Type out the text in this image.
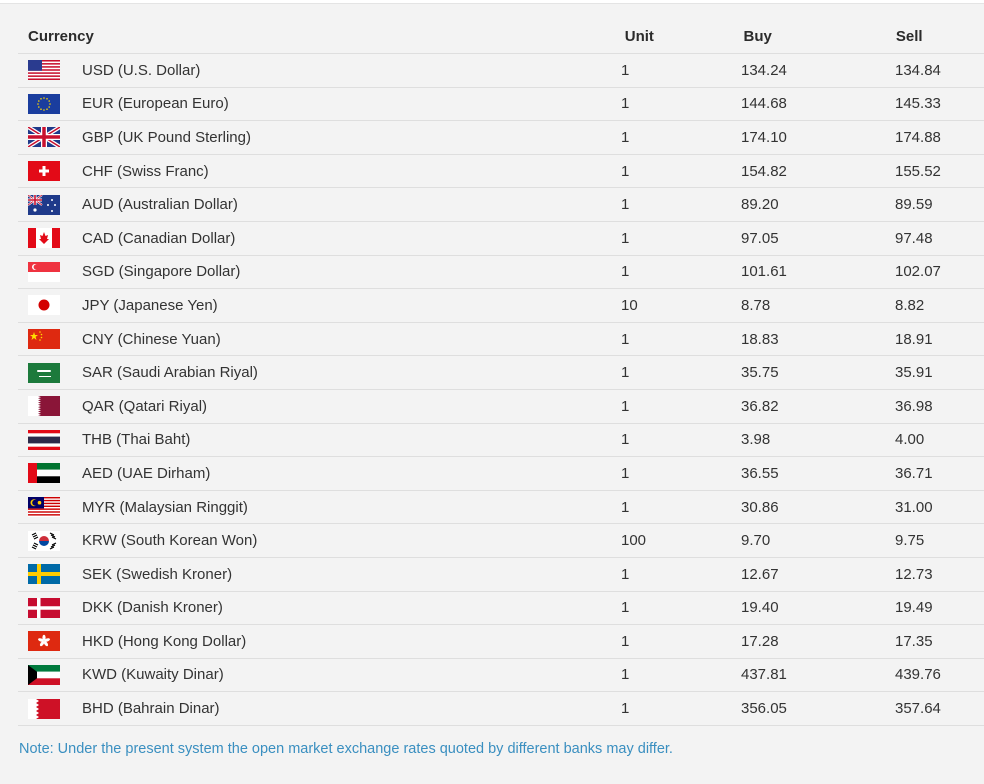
Currency	Unit	Buy	Sell
USD (U.S. Dollar)	1	134.24	134.84
EUR (European Euro)	1	144.68	145.33
GBP (UK Pound Sterling)	1	174.10	174.88
CHF (Swiss Franc)	1	154.82	155.52
AUD (Australian Dollar)	1	89.20	89.59
CAD (Canadian Dollar)	1	97.05	97.48
SGD (Singapore Dollar)	1	101.61	102.07
JPY (Japanese Yen)	10	8.78	8.82
CNY (Chinese Yuan)	1	18.83	18.91
SAR (Saudi Arabian Riyal)	1	35.75	35.91
QAR (Qatari Riyal)	1	36.82	36.98
THB (Thai Baht)	1	3.98	4.00
AED (UAE Dirham)	1	36.55	36.71
MYR (Malaysian Ringgit)	1	30.86	31.00
KRW (South Korean Won)	100	9.70	9.75
SEK (Swedish Kroner)	1	12.67	12.73
DKK (Danish Kroner)	1	19.40	19.49
HKD (Hong Kong Dollar)	1	17.28	17.35
KWD (Kuwaity Dinar)	1	437.81	439.76
BHD (Bahrain Dinar)	1	356.05	357.64
Note: Under the present system the open market exchange rates quoted by different banks may differ.
